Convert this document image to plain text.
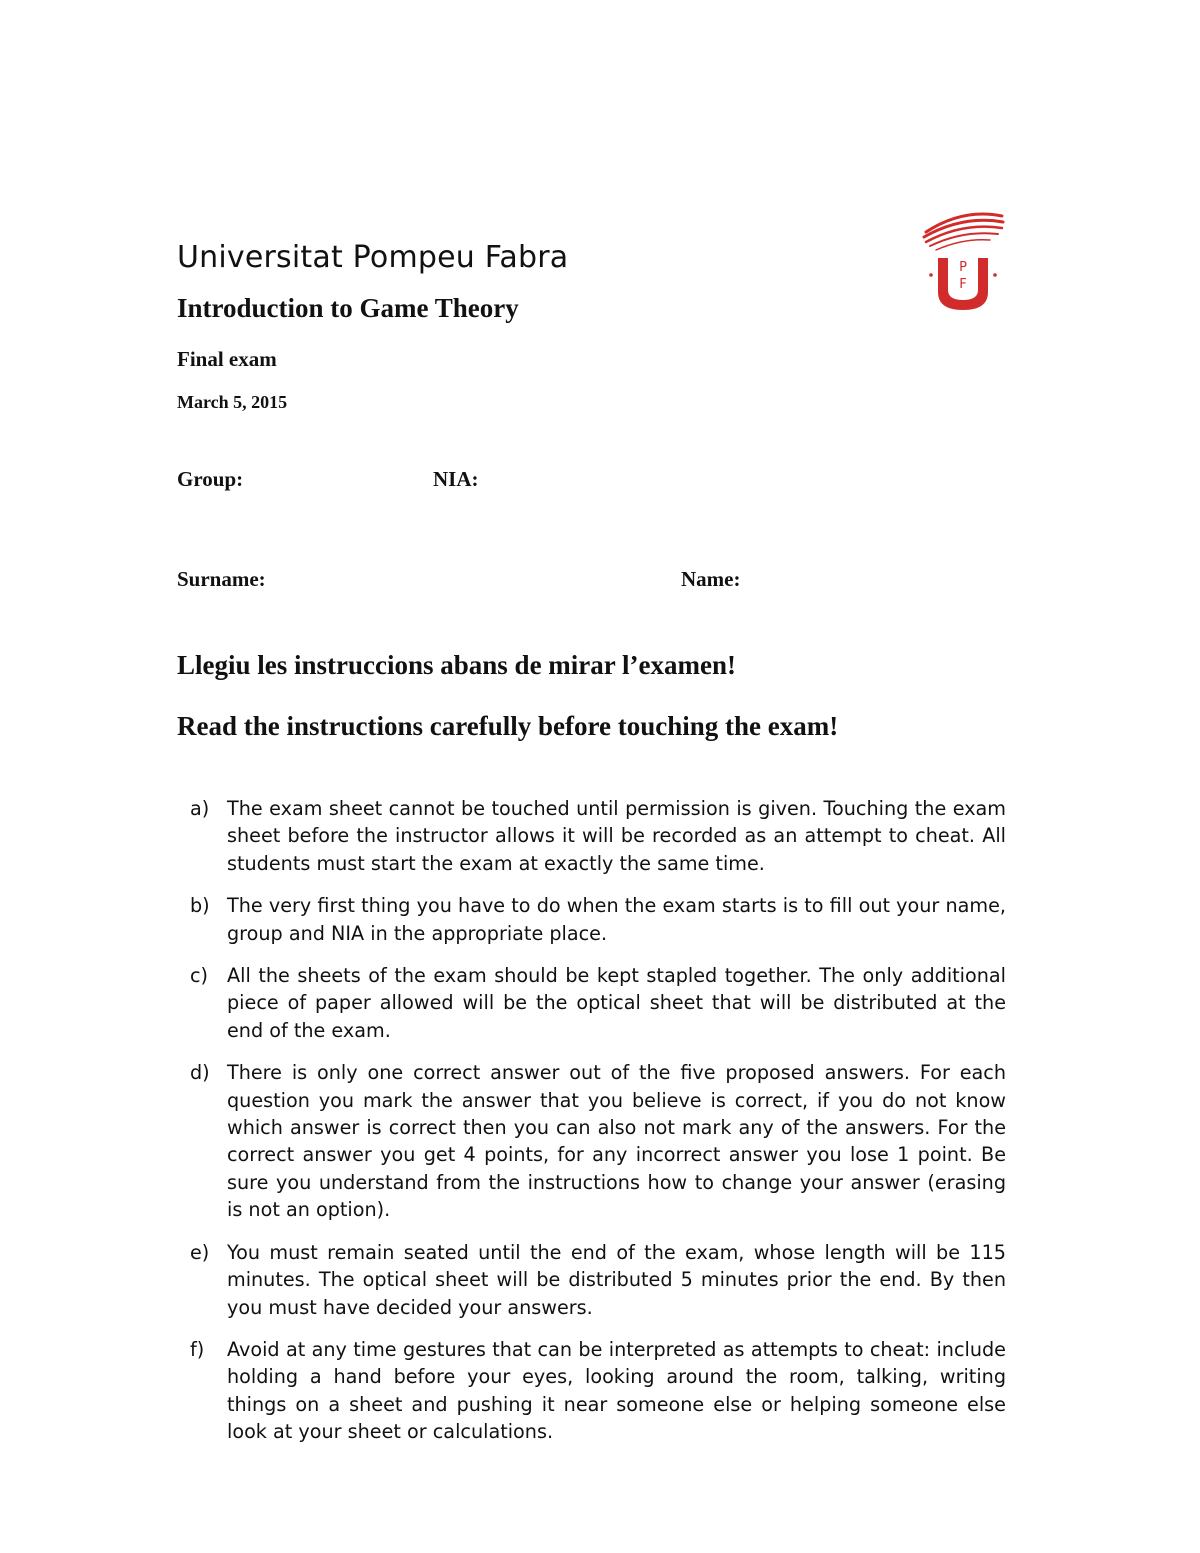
Universitat Pompeu Fabra
Introduction to Game Theory
Final exam
March 5, 2015
P
F
Group:	NIA:
Surname:	Name:
Llegiu les instruccions abans de mirar l’examen!
Read the instructions carefully before touching the exam!
a) The exam sheet cannot be touched until permission is given. Touching the exam sheet before the instructor allows it will be recorded as an attempt to cheat. All students must start the exam at exactly the same time.
b) The very first thing you have to do when the exam starts is to fill out your name, group and NIA in the appropriate place.
c) All the sheets of the exam should be kept stapled together. The only additional piece of paper allowed will be the optical sheet that will be distributed at the end of the exam.
d) There is only one correct answer out of the five proposed answers. For each question you mark the answer that you believe is correct, if you do not know which answer is correct then you can also not mark any of the answers. For the correct answer you get 4 points, for any incorrect answer you lose 1 point. Be sure you understand from the instructions how to change your answer (erasing is not an option).
e) You must remain seated until the end of the exam, whose length will be 115 minutes. The optical sheet will be distributed 5 minutes prior the end. By then you must have decided your answers.
f) Avoid at any time gestures that can be interpreted as attempts to cheat: include holding a hand before your eyes, looking around the room, talking, writing things on a sheet and pushing it near someone else or helping someone else look at your sheet or calculations.
